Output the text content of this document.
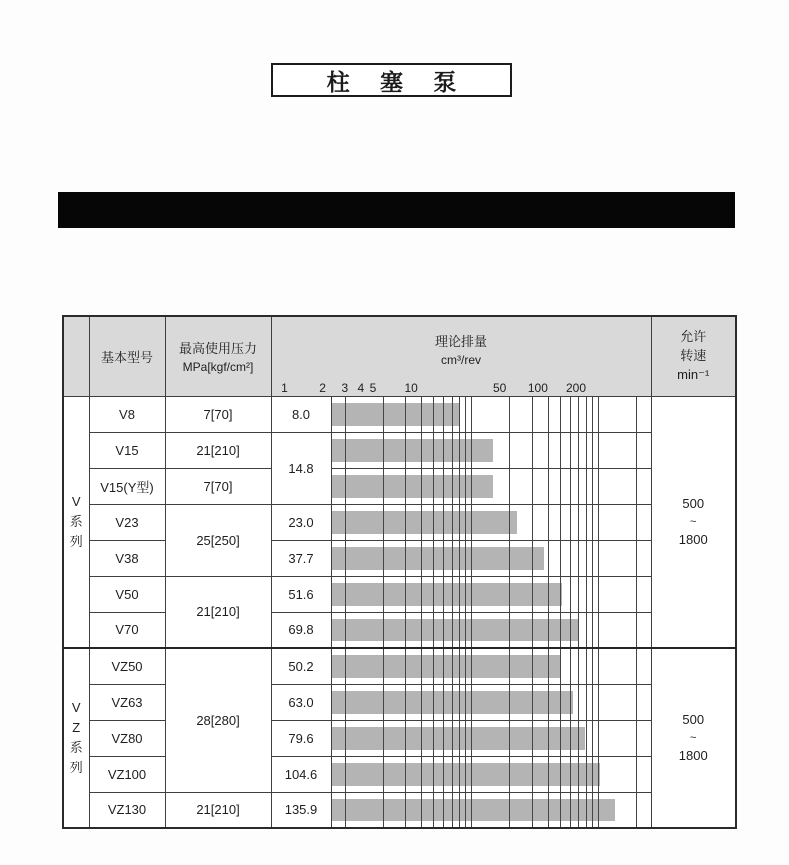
柱 塞 泵

基本型号

最高使用压力
MPa[kgf/cm²]

理论排量
cm³/rev
1	2 3 4 5 10	50 100 200

允许
转速
min⁻¹

V
系
列
	V8	7[70]	8.0	

500
~
1800

	V15	21[210]	14.8		

	V15(Y型)	7[70]			

	V23	25[250]	23.0		

	V38		37.7		

	V50	21[210]	51.6		

	V70		69.8		

V
Z
系
列
	VZ50	28[280]	50.2	

500
~
1800

	VZ63		63.0		

	VZ80		79.6		

	VZ100		104.6		

	VZ130	21[210]	135.9		
